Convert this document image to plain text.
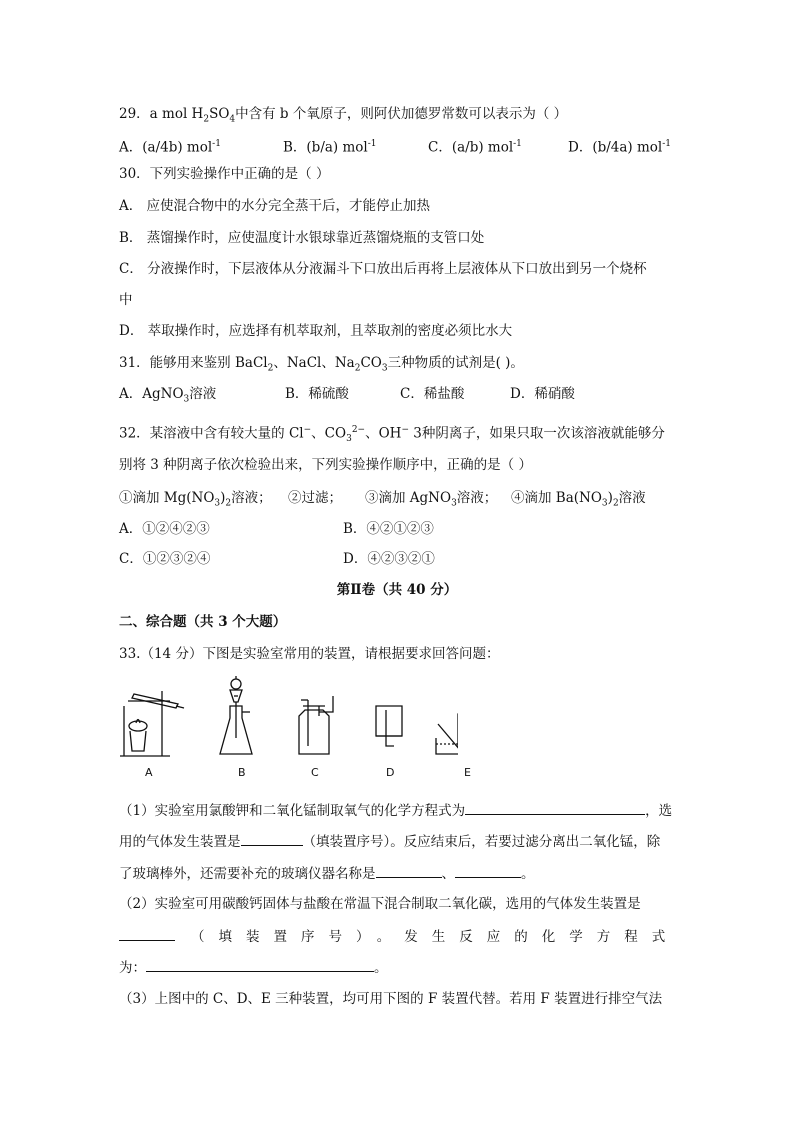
29．a mol $H_2SO_4$中含有 b 个氧原子，则阿伏加德罗常数可以表示为（ ）
A．(a/4b) mol$^{-1}$	B．(b/a) mol$^{-1}$	C．(a/b) mol$^{-1}$	D．(b/4a) mol$^{-1}$
30．下列实验操作中正确的是（ ）
A． 应使混合物中的水分完全蒸干后，才能停止加热
B． 蒸馏操作时，应使温度计水银球靠近蒸馏烧瓶的支管口处
C． 分液操作时，下层液体从分液漏斗下口放出后再将上层液体从下口放出到另一个烧杯
中
D． 萃取操作时，应选择有机萃取剂，且萃取剂的密度必须比水大
31．能够用来鉴别 BaCl$_2$、NaCl、$Na_2CO_3$三种物质的试剂是( )。
A．AgNO$_3$溶液	B．稀硫酸	C．稀盐酸	D．稀硝酸
32．某溶液中含有较大量的 Cl−、$CO_3^{2-}$、OH− 3种阴离子，如果只取一次该溶液就能够分
别将 3 种阴离子依次检验出来，下列实验操作顺序中，正确的是（ ）
①滴加 $Mg(NO_3)_2$溶液； ②过滤； ③滴加 AgNO$_3$溶液； ④滴加 $Ba(NO_3)_2$溶液
A．①②④②③	B．④②①②③
C．①②③②④	D．④②③②①
第Ⅱ卷（共 40 分）
二、综合题（共 3 个大题）
33.（14 分）下图是实验室常用的装置，请根据要求回答问题：
A	B	C	D	E
（1）实验室用氯酸钾和二氧化锰制取氧气的化学方程式为	，选
用的气体发生装置是	（填装置序号）。反应结束后，若要过滤分离出二氧化锰，除
了玻璃棒外，还需要补充的玻璃仪器名称是	、	。
（2）实验室可用碳酸钙固体与盐酸在常温下混合制取二氧化碳，选用的气体发生装置是
（填装置序号）。发生反应的化学方程式
为：	。
（3）上图中的 C、D、E 三种装置，均可用下图的 F 装置代替。若用 F 装置进行排空气法
